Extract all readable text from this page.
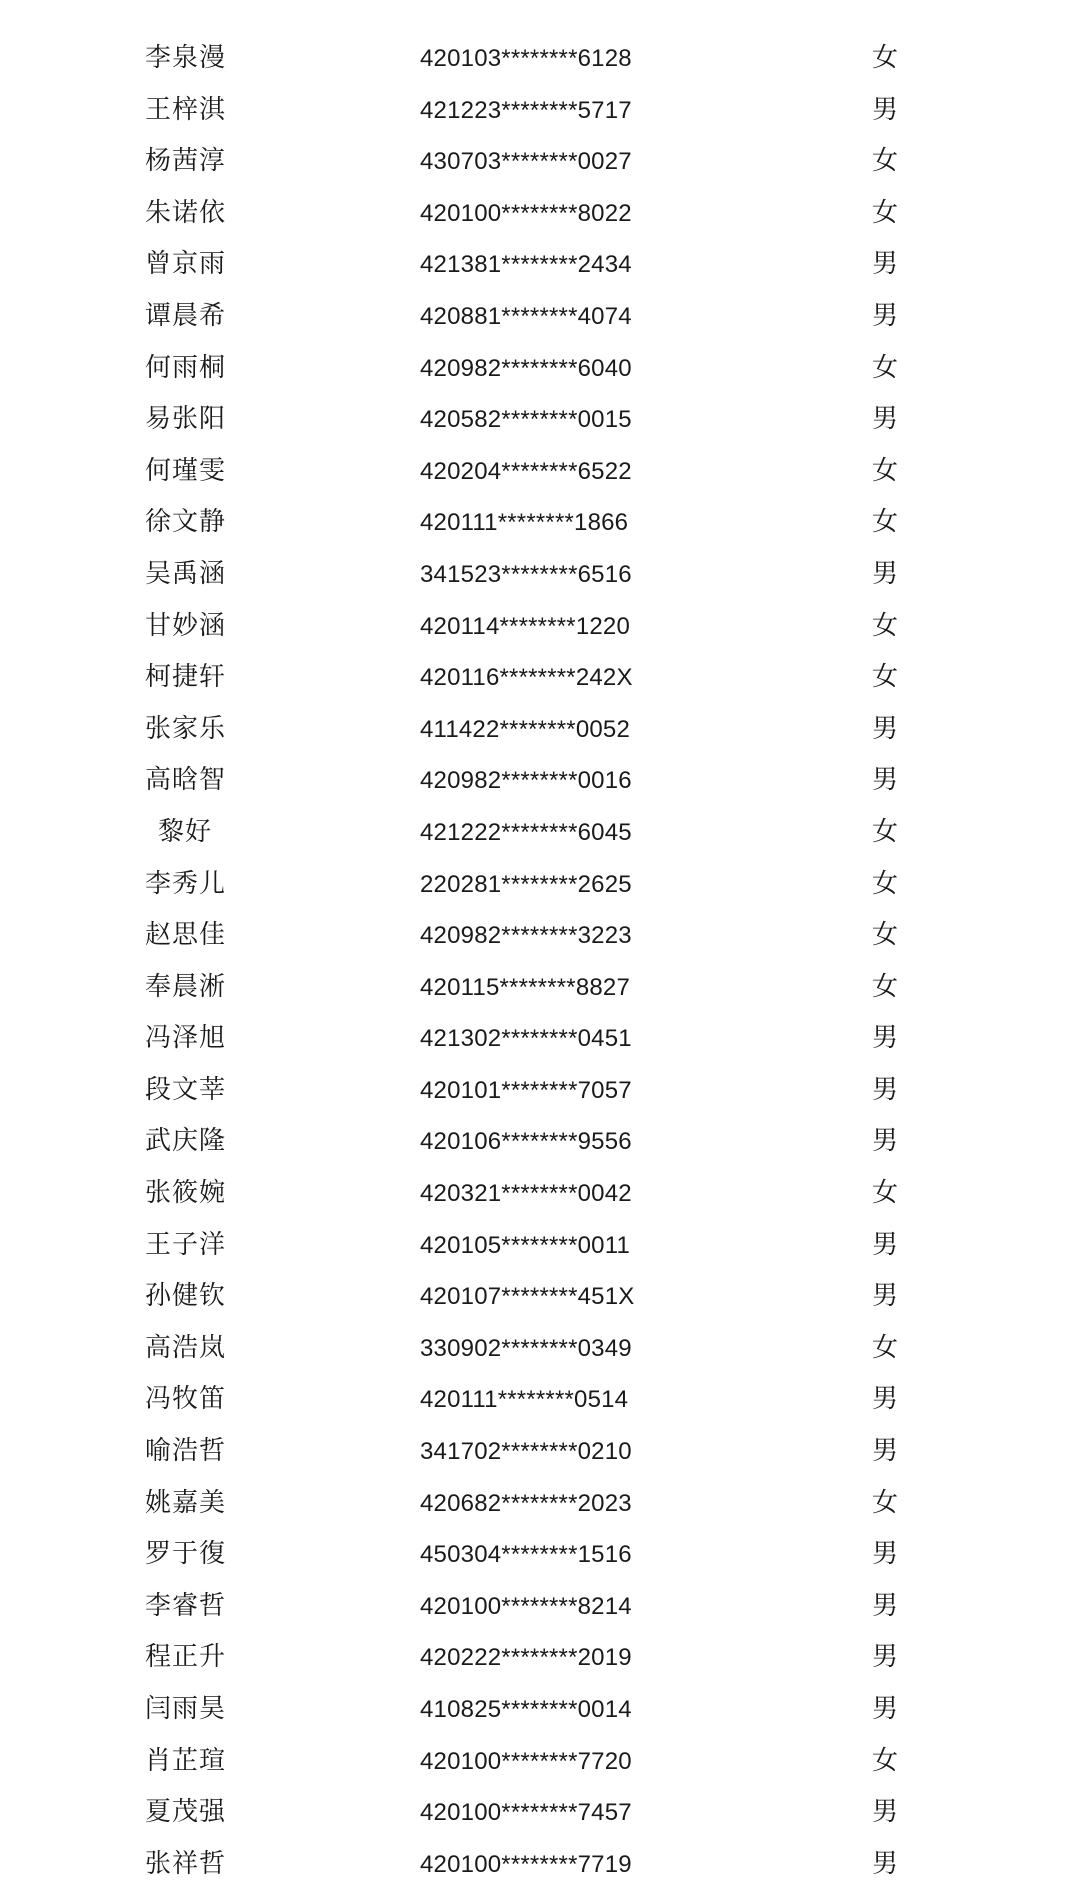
李泉漫	420103********6128	女
王梓淇	421223********5717	男
杨茜淳	430703********0027	女
朱诺依	420100********8022	女
曾京雨	421381********2434	男
谭晨希	420881********4074	男
何雨桐	420982********6040	女
易张阳	420582********0015	男
何瑾雯	420204********6522	女
徐文静	420111********1866	女
吴禹涵	341523********6516	男
甘妙涵	420114********1220	女
柯捷轩	420116********242X	女
张家乐	411422********0052	男
高晗智	420982********0016	男
黎好	421222********6045	女
李秀儿	220281********2625	女
赵思佳	420982********3223	女
奉晨淅	420115********8827	女
冯泽旭	421302********0451	男
段文莘	420101********7057	男
武庆隆	420106********9556	男
张筱婉	420321********0042	女
王子洋	420105********0011	男
孙健钦	420107********451X	男
高浩岚	330902********0349	女
冯牧笛	420111********0514	男
喻浩哲	341702********0210	男
姚嘉美	420682********2023	女
罗于復	450304********1516	男
李睿哲	420100********8214	男
程正升	420222********2019	男
闫雨昊	410825********0014	男
肖芷瑄	420100********7720	女
夏茂强	420100********7457	男
张祥哲	420100********7719	男
